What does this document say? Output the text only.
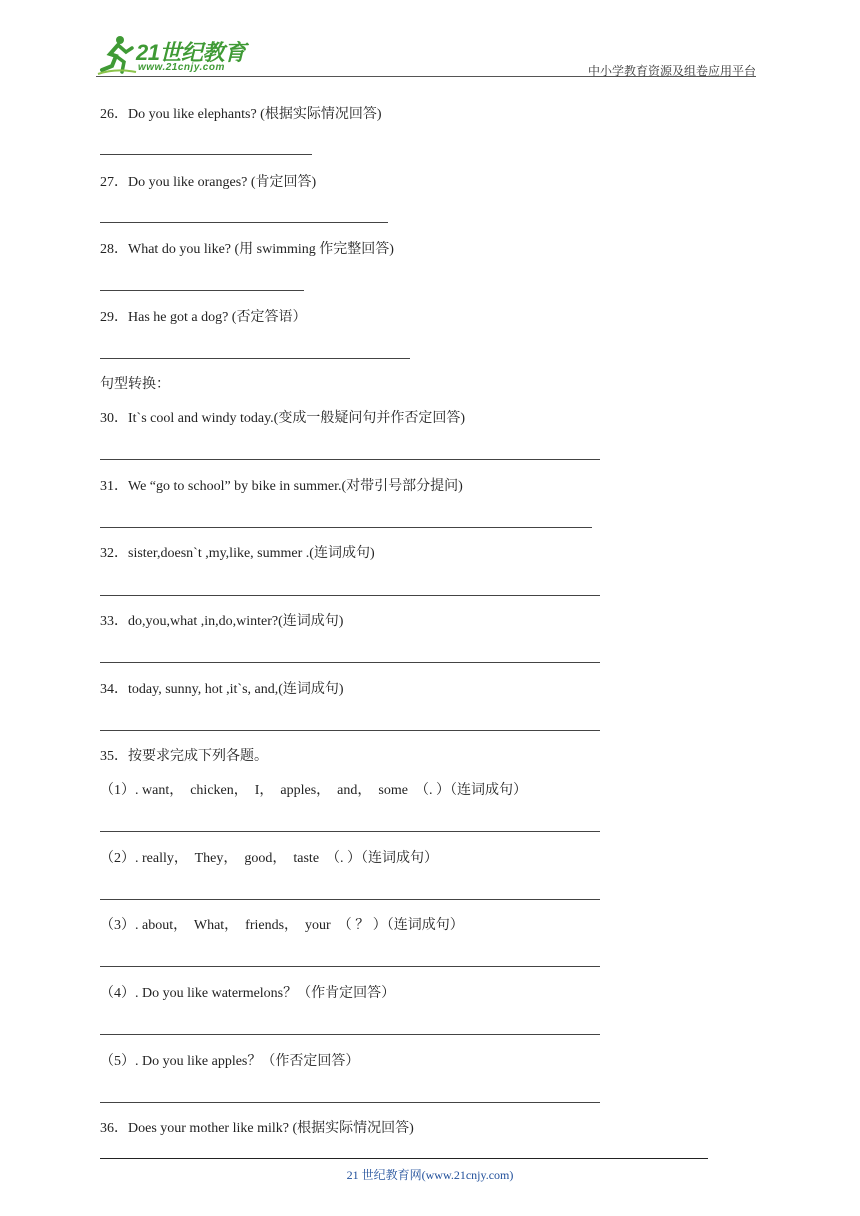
21世纪教育
www.21cnjy.com	中小学教育资源及组卷应用平台
26．Do you like elephants? (根据实际情况回答)
27．Do you like oranges? (肯定回答)
28．What do you like? (用 swimming 作完整回答)
29．Has he got a dog? (否定答语）
句型转换：
30．It`s cool and windy today.(变成一般疑问句并作否定回答)
31．We “go to school” by bike in summer.(对带引号部分提问)
32．sister,doesn`t ,my,like, summer .(连词成句)
33．do,you,what ,in,do,winter?(连词成句)
34．today, sunny, hot ,it`s, and,(连词成句)
35．按要求完成下列各题。
（1）. want，  chicken，  I，  apples，  and，  some  （. ）（连词成句）
（2）. really，  They，  good，  taste  （. ）（连词成句）
（3）. about，  What，  friends，  your  （ ？ ）（连词成句）
（4）. Do you like watermelons？（作肯定回答）
（5）. Do you like apples？（作否定回答）
36．Does your mother like milk? (根据实际情况回答)
21 世纪教育网(www.21cnjy.com)
